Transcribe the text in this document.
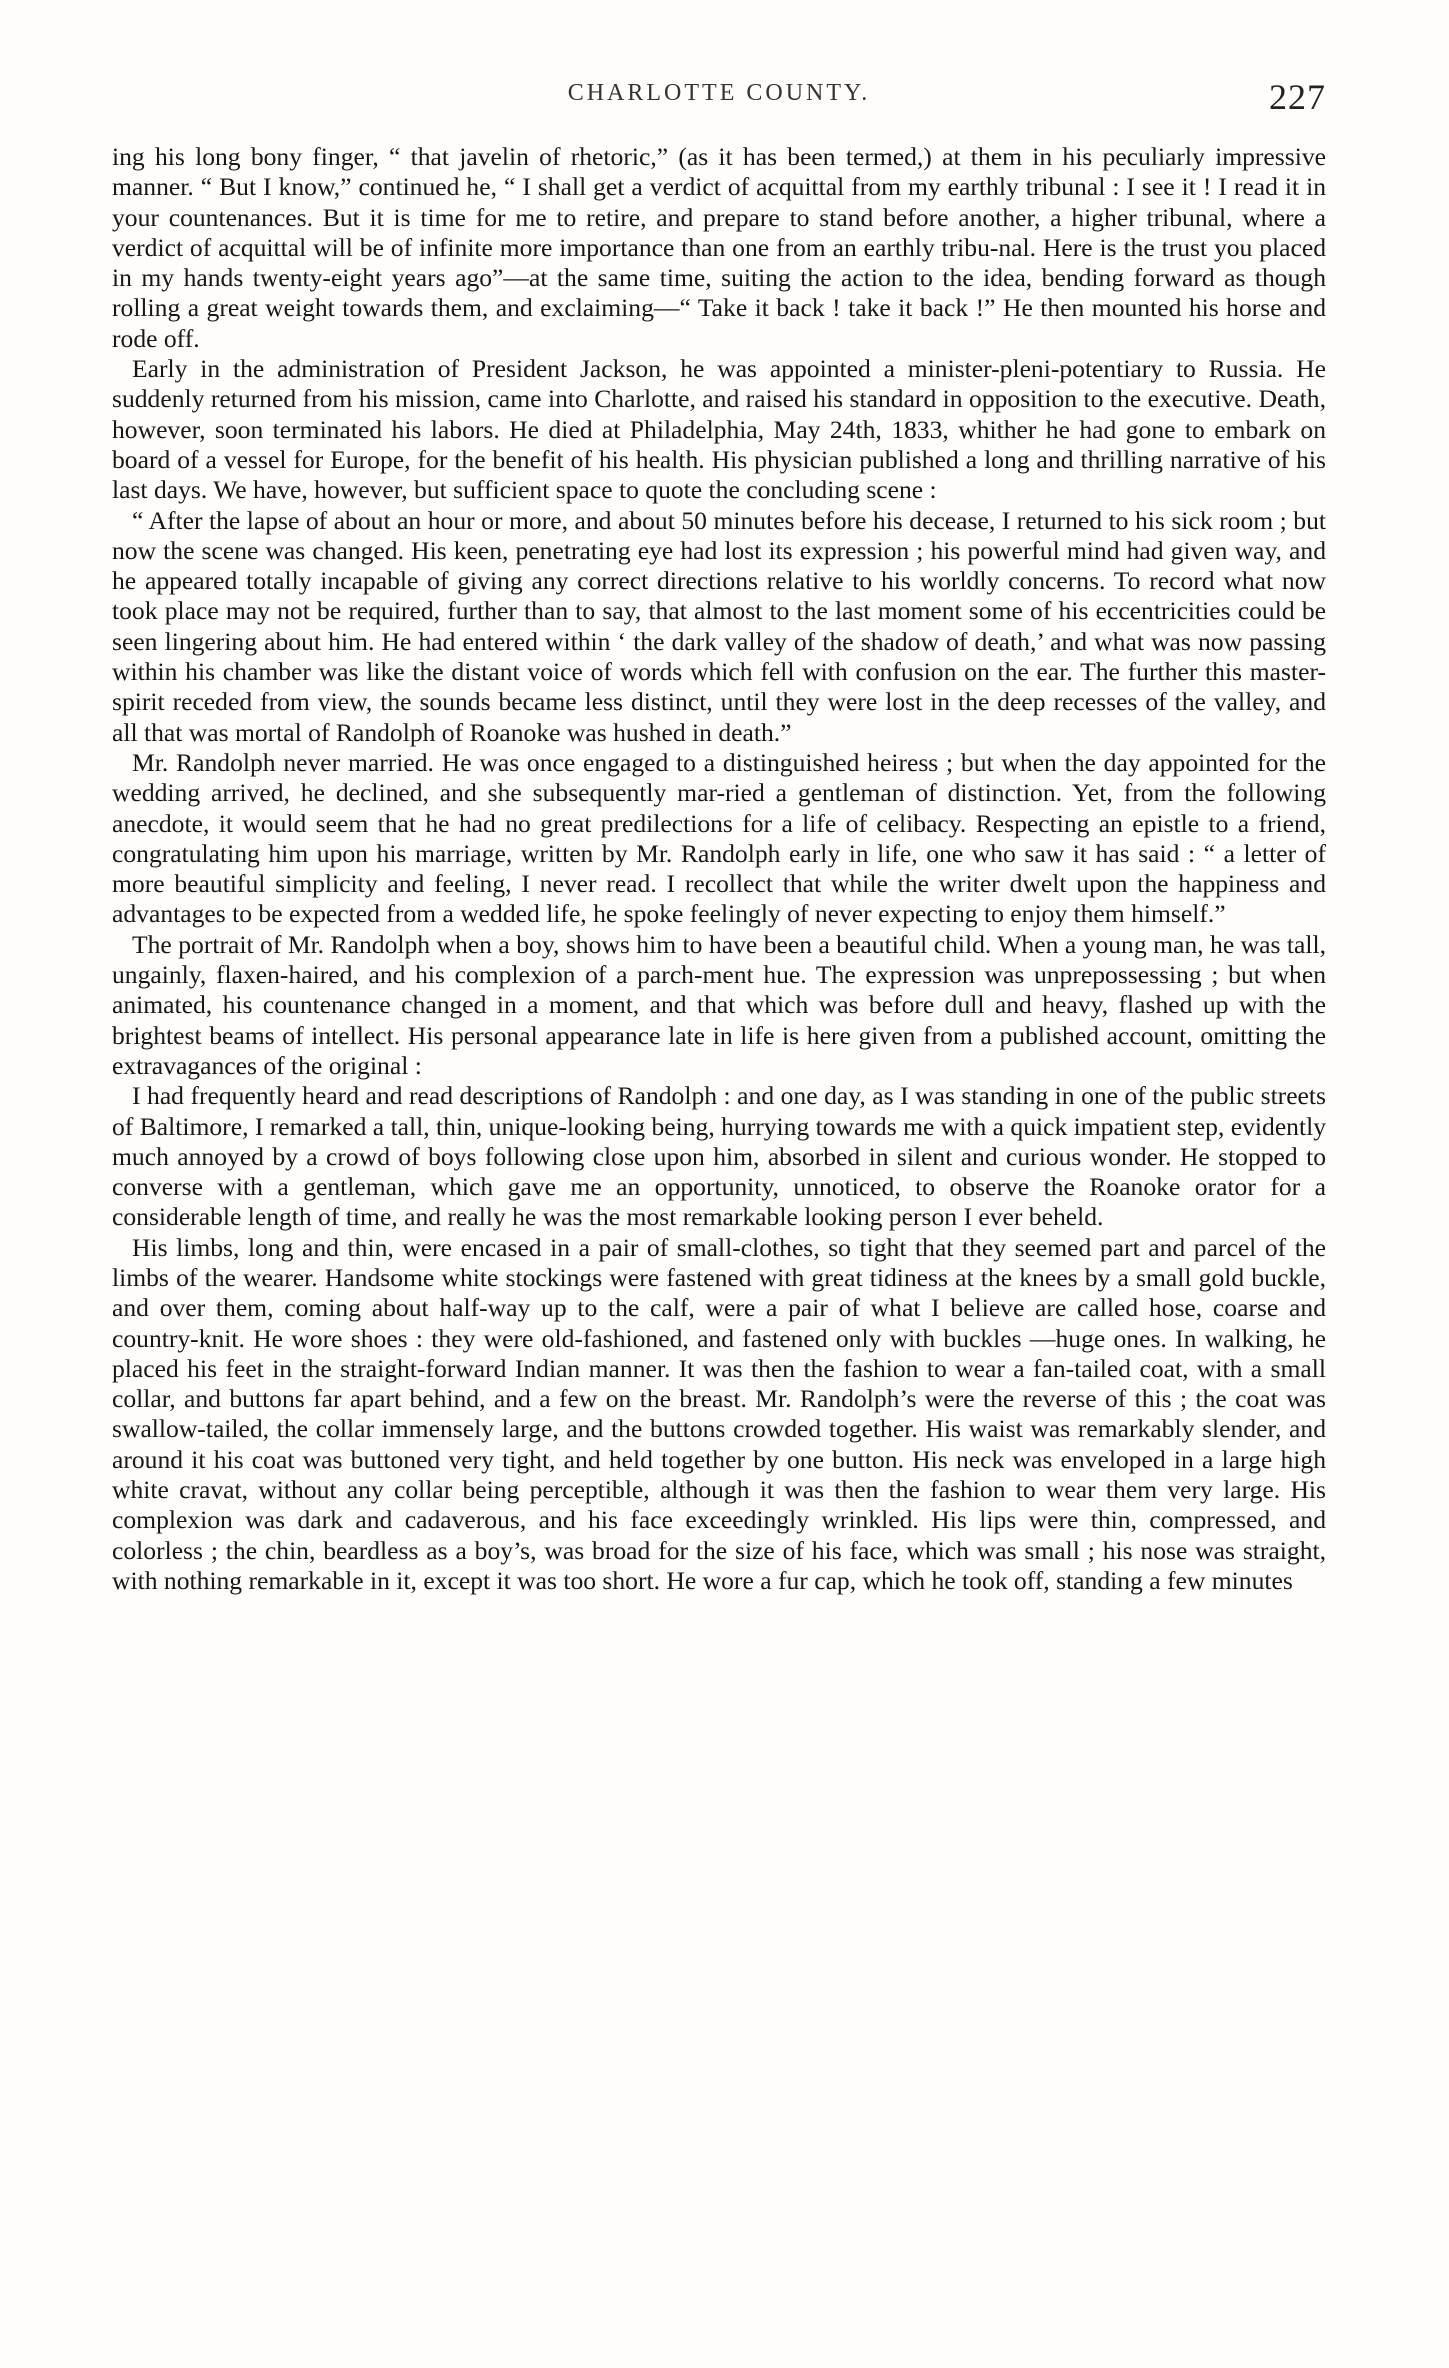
CHARLOTTE COUNTY.	227

ing his long bony finger, “ that javelin of rhetoric,” (as it has been termed,) at them in his peculiarly impressive manner. “ But I know,” continued he, “ I shall get a verdict of acquittal from my earthly tribunal : I see it ! I read it in your countenances. But it is time for me to retire, and prepare to stand before another, a higher tribunal, where a verdict of acquittal will be of infinite more importance than one from an earthly tribu-nal. Here is the trust you placed in my hands twenty-eight years ago”—at the same time, suiting the action to the idea, bending forward as though rolling a great weight towards them, and exclaiming—“ Take it back ! take it back !” He then mounted his horse and rode off.

Early in the administration of President Jackson, he was appointed a minister-pleni-potentiary to Russia. He suddenly returned from his mission, came into Charlotte, and raised his standard in opposition to the executive. Death, however, soon terminated his labors. He died at Philadelphia, May 24th, 1833, whither he had gone to embark on board of a vessel for Europe, for the benefit of his health. His physician published a long and thrilling narrative of his last days. We have, however, but sufficient space to quote the concluding scene :

“ After the lapse of about an hour or more, and about 50 minutes before his decease, I returned to his sick room ; but now the scene was changed. His keen, penetrating eye had lost its expression ; his powerful mind had given way, and he appeared totally incapable of giving any correct directions relative to his worldly concerns. To record what now took place may not be required, further than to say, that almost to the last moment some of his eccentricities could be seen lingering about him. He had entered within ‘ the dark valley of the shadow of death,’ and what was now passing within his chamber was like the distant voice of words which fell with confusion on the ear. The further this master-spirit receded from view, the sounds became less distinct, until they were lost in the deep recesses of the valley, and all that was mortal of Randolph of Roanoke was hushed in death.”

Mr. Randolph never married. He was once engaged to a distinguished heiress ; but when the day appointed for the wedding arrived, he declined, and she subsequently mar-ried a gentleman of distinction. Yet, from the following anecdote, it would seem that he had no great predilections for a life of celibacy. Respecting an epistle to a friend, congratulating him upon his marriage, written by Mr. Randolph early in life, one who saw it has said : “ a letter of more beautiful simplicity and feeling, I never read. I recollect that while the writer dwelt upon the happiness and advantages to be expected from a wedded life, he spoke feelingly of never expecting to enjoy them himself.”

The portrait of Mr. Randolph when a boy, shows him to have been a beautiful child. When a young man, he was tall, ungainly, flaxen-haired, and his complexion of a parch-ment hue. The expression was unprepossessing ; but when animated, his countenance changed in a moment, and that which was before dull and heavy, flashed up with the brightest beams of intellect. His personal appearance late in life is here given from a published account, omitting the extravagances of the original :

I had frequently heard and read descriptions of Randolph : and one day, as I was standing in one of the public streets of Baltimore, I remarked a tall, thin, unique-looking being, hurrying towards me with a quick impatient step, evidently much annoyed by a crowd of boys following close upon him, absorbed in silent and curious wonder. He stopped to converse with a gentleman, which gave me an opportunity, unnoticed, to observe the Roanoke orator for a considerable length of time, and really he was the most remarkable looking person I ever beheld.

His limbs, long and thin, were encased in a pair of small-clothes, so tight that they seemed part and parcel of the limbs of the wearer. Handsome white stockings were fastened with great tidiness at the knees by a small gold buckle, and over them, coming about half-way up to the calf, were a pair of what I believe are called hose, coarse and country-knit. He wore shoes : they were old-fashioned, and fastened only with buckles —huge ones. In walking, he placed his feet in the straight-forward Indian manner. It was then the fashion to wear a fan-tailed coat, with a small collar, and buttons far apart behind, and a few on the breast. Mr. Randolph’s were the reverse of this ; the coat was swallow-tailed, the collar immensely large, and the buttons crowded together. His waist was remarkably slender, and around it his coat was buttoned very tight, and held together by one button. His neck was enveloped in a large high white cravat, without any collar being perceptible, although it was then the fashion to wear them very large. His complexion was dark and cadaverous, and his face exceedingly wrinkled. His lips were thin, compressed, and colorless ; the chin, beardless as a boy’s, was broad for the size of his face, which was small ; his nose was straight, with nothing remarkable in it, except it was too short. He wore a fur cap, which he took off, standing a few minutes
